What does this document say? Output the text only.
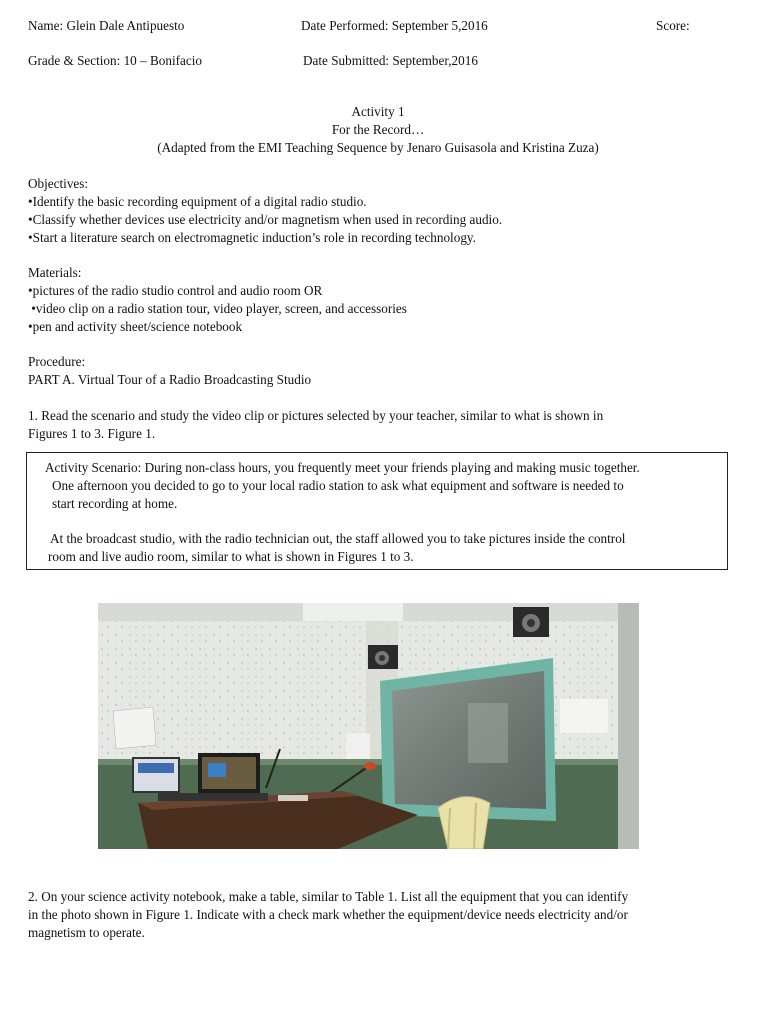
Name: Glein Dale Antipuesto	Date Performed: September 5,2016	Score:
Grade & Section: 10 – Bonifacio	Date Submitted: September,2016
Activity 1
For the Record…
(Adapted from the EMI Teaching Sequence by Jenaro Guisasola and Kristina Zuza)
Objectives:
•Identify the basic recording equipment of a digital radio studio.
•Classify whether devices use electricity and/or magnetism when used in recording audio.
•Start a literature search on electromagnetic induction’s role in recording technology.
Materials:
•pictures of the radio studio control and audio room OR
•video clip on a radio station tour, video player, screen, and accessories
•pen and activity sheet/science notebook
Procedure:
PART A. Virtual Tour of a Radio Broadcasting Studio
1. Read the scenario and study the video clip or pictures selected by your teacher, similar to what is shown in
Figures 1 to 3. Figure 1.
Activity Scenario: During non-class hours, you frequently meet your friends playing and making music together.
One afternoon you decided to go to your local radio station to ask what equipment and software is needed to
start recording at home.
At the broadcast studio, with the radio technician out, the staff allowed you to take pictures inside the control
room and live audio room, similar to what is shown in Figures 1 to 3.
2. On your science activity notebook, make a table, similar to Table 1. List all the equipment that you can identify
in the photo shown in Figure 1. Indicate with a check mark whether the equipment/device needs electricity and/or
magnetism to operate.
